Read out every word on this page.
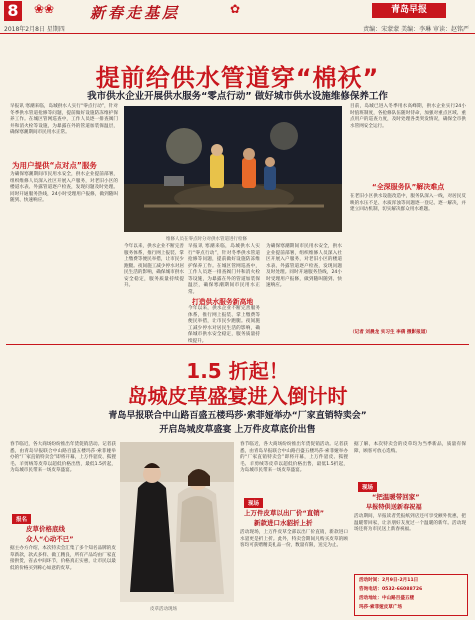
8 ❀❀ 新春走基层	✿	青岛早报
2018年2月8日 星期四	责编：宋蒙蒙 美编：李琳 审读：赵铭严
提前给供水管道穿“棉袄”
我市供水企业开展供水服务“零点行动” 做好城市供水设施维修保养工作
早报讯 寒潮来临，岛城供水人实行“零点行动”，针对冬季供水管道抢修等问题，提前做好设施防冻维护保养工作。在城区管网巡查中，工作人员逐一排查阀门井和消火栓等设施，为暴露在外的管道加装保温层，确保寒潮期间市民用水正常。
为用户提供“点对点”服务
为确保寒潮期间市民用水安全，供水企业提前部署，组织维修人员深入社区开展入户服务，对老旧小区的楼道水表、外露管道逐户检查，发现问题及时处理。同时开通服务热线，24小时受理用户报修，做到随叫随到、快速响应。
维修人员在零点时分对供水管道进行检修
今年以来，供水企业不断完善服务体系，推行网上报装、掌上缴费等便民举措，让市民少跑腿。夜间施工减少停水对居民生活的影响，确保城市供水安全稳定，服务质量持续提升。
早报讯 寒潮来临，岛城供水人实行“零点行动”，针对冬季供水管道抢修等问题，提前做好设施防冻维护保养工作。在城区管网巡查中，工作人员逐一排查阀门井和消火栓等设施，为暴露在外的管道加装保温层，确保寒潮期间市民用水正常。
打造供水服务新高地
今年以来，供水企业不断完善服务体系，推行网上报装、掌上缴费等便民举措，让市民少跑腿。夜间施工减少停水对居民生活的影响，确保城市供水安全稳定，服务质量持续提升。
为确保寒潮期间市民用水安全，供水企业提前部署，组织维修人员深入社区开展入户服务，对老旧小区的楼道水表、外露管道逐户检查，发现问题及时处理。同时开通服务热线，24小时受理用户报修，做到随叫随到、快速响应。
目前，岛城已进入冬季用水高峰期，供水企业实行24小时值班制度，各抢修队伍随时待命，加强对重点区域、重点用户的巡查力度，及时处理各类突发情况，确保全市供水管网安全运行。
“全深服务队”解决难点
在老旧小区供水设施改造中，服务队深入一线，对居民反映的水压不足、水质浑浊等问题逐一登记、逐一解决，并建立回访机制，切实解决群众用水难题。
（记者 刘晨龙 实习生 李倩 摄影报道）
1.5 折起！
岛城皮草盛宴进入倒计时
青岛早报联合中山路百盛五楼玛莎·索菲娅举办“厂家直销特卖会”
开启岛城皮草盛宴 上万件皮草底价出售
春节临近，各大商场纷纷推出年货促销活动。记者获悉，由青岛早报联合中山路百盛五楼玛莎·索菲娅举办的“厂家直销特卖会”即将开幕，上万件貂皮、狐狸毛、羊剪绒等皮草以超低价格出售，最低1.5折起，为岛城市民带来一场皮草盛宴。
报名
皮草价格底线
众人“心动不已”
据主办方介绍，本次特卖会汇集了多个知名品牌的皮草新款，款式多样、做工精良，所有产品均由厂家直接供货，省去中间环节，价格真正实惠，让市民以最低的价格买到称心如意的皮草。
皮草活动现场
春节临近，各大商场纷纷推出年货促销活动。记者获悉，由青岛早报联合中山路百盛五楼玛莎·索菲娅举办的“厂家直销特卖会”即将开幕，上万件貂皮、狐狸毛、羊剪绒等皮草以超低价格出售，最低1.5折起，为岛城市民带来一场皮草盛宴。
现场
上万件皮草以出厂价“直销”
新款进口水貂折上折
活动现场，上万件皮草全部以出厂价直销，新款进口水貂更是折上折。此外，特卖会期间凡购买皮草的顾客均可获赠精美礼品一份，数量有限，送完为止。
据了解，本次特卖会的皮草均为当季新品，质量有保障，顾客可放心选购。
现场
“把温暖带回家”
早报特供送新春祝福
活动期间，早报读者凭报纸到店还可享受额外优惠，把温暖带回家，让亲朋好友度过一个温暖的新年。活动现场还将为市民送上新春祝福。
活动时间：2月9日-2月11日
咨询电话：0532-66088726
活动地址：中山路百盛五楼
玛莎·索菲娅皮草广场
